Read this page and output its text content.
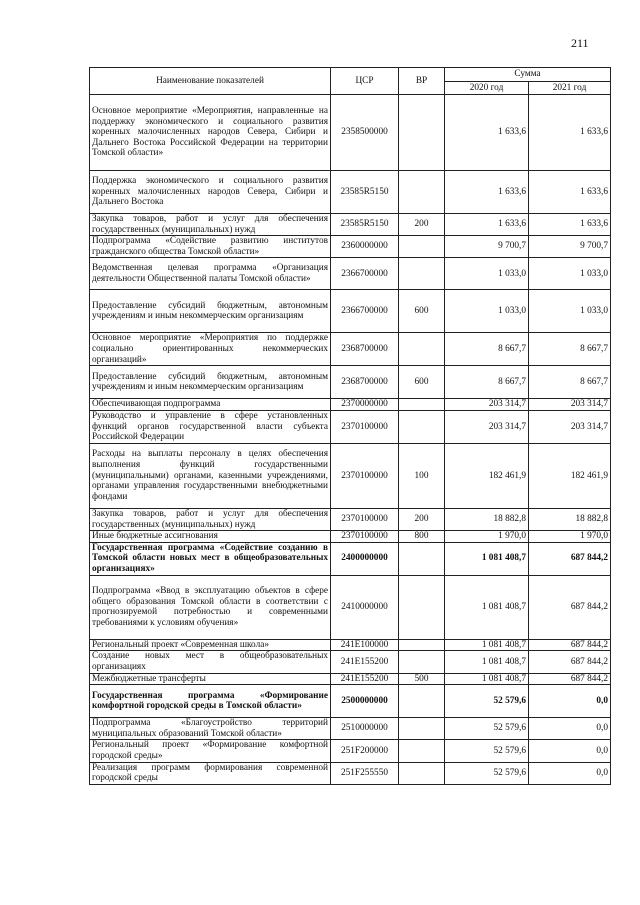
211
Наименование показателей	ЦСР	ВР	Сумма	
			2020 год	2021 год
Основное мероприятие «Мероприятия, направленные на поддержку экономического и социального развития коренных малочисленных народов Севера, Сибири и Дальнего Востока Российской Федерации на территории Томской области»	2358500000		1 633,6	1 633,6
Поддержка экономического и социального развития коренных малочисленных народов Севера, Сибири и Дальнего Востока	23585R5150		1 633,6	1 633,6
Закупка товаров, работ и услуг для обеспечения государственных (муниципальных) нужд	23585R5150	200	1 633,6	1 633,6
Подпрограмма «Содействие развитию институтов гражданского общества Томской области»	2360000000		9 700,7	9 700,7
Ведомственная целевая программа «Организация деятельности Общественной палаты Томской области»	2366700000		1 033,0	1 033,0
Предоставление субсидий бюджетным, автономным учреждениям и иным некоммерческим организациям	2366700000	600	1 033,0	1 033,0
Основное мероприятие «Мероприятия по поддержке социально ориентированных некоммерческих организаций»	2368700000		8 667,7	8 667,7
Предоставление субсидий бюджетным, автономным учреждениям и иным некоммерческим организациям	2368700000	600	8 667,7	8 667,7
Обеспечивающая подпрограмма	2370000000		203 314,7	203 314,7
Руководство и управление в сфере установленных функций органов государственной власти субъекта Российской Федерации	2370100000		203 314,7	203 314,7
Расходы на выплаты персоналу в целях обеспечения выполнения функций государственными (муниципальными) органами, казенными учреждениями, органами управления государственными внебюджетными фондами	2370100000	100	182 461,9	182 461,9
Закупка товаров, работ и услуг для обеспечения государственных (муниципальных) нужд	2370100000	200	18 882,8	18 882,8
Иные бюджетные ассигнования	2370100000	800	1 970,0	1 970,0
Государственная программа «Содействие созданию в Томской области новых мест в общеобразовательных организациях»	2400000000		1 081 408,7	687 844,2
Подпрограмма «Ввод в эксплуатацию объектов в сфере общего образования Томской области в соответствии с прогнозируемой потребностью и современными требованиями к условиям обучения»	2410000000		1 081 408,7	687 844,2
Региональный проект «Современная школа»	241E100000		1 081 408,7	687 844,2
Создание новых мест в общеобразовательных организациях	241E155200		1 081 408,7	687 844,2
Межбюджетные трансферты	241E155200	500	1 081 408,7	687 844,2
Государственная программа «Формирование комфортной городской среды в Томской области»	2500000000		52 579,6	0,0
Подпрограмма «Благоустройство территорий муниципальных образований Томской области»	2510000000		52 579,6	0,0
Региональный проект «Формирование комфортной городской среды»	251F200000		52 579,6	0,0
Реализация программ формирования современной городской среды	251F255550		52 579,6	0,0
